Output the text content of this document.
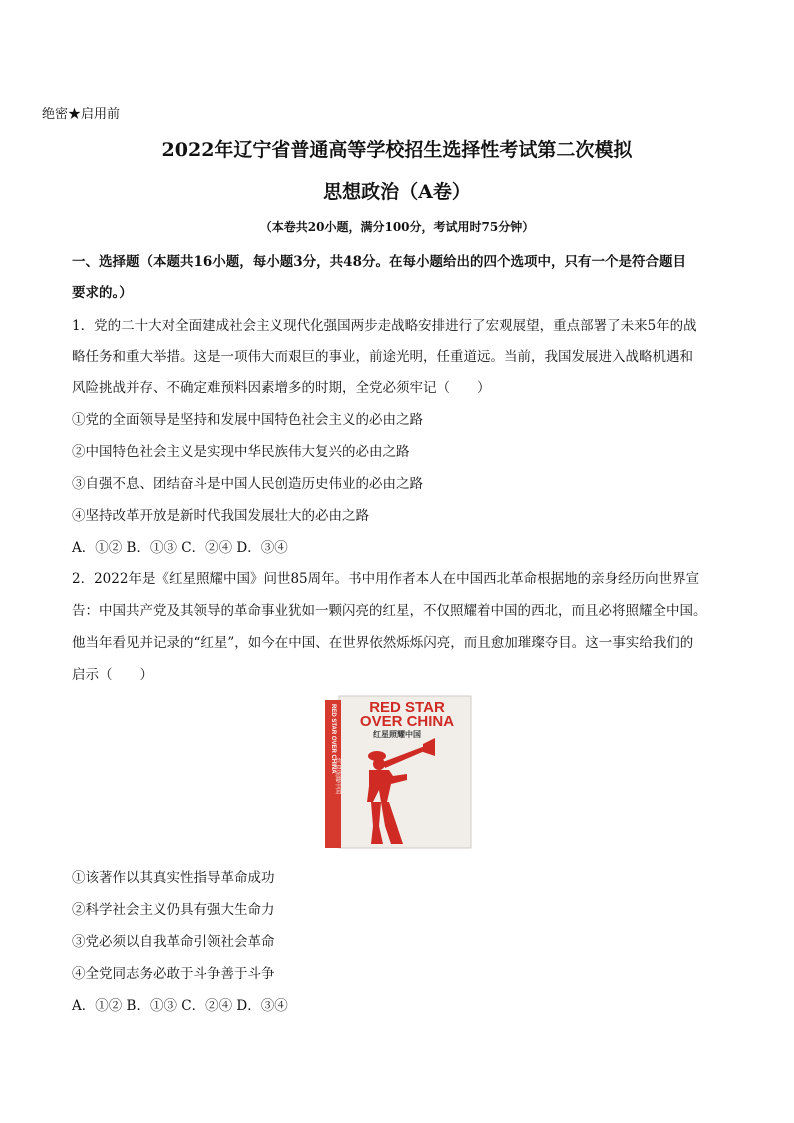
绝密★启用前
2022年辽宁省普通高等学校招生选择性考试第二次模拟
思想政治（A卷）
（本卷共20小题，满分100分，考试用时75分钟）
一、选择题（本题共16小题，每小题3分，共48分。在每小题给出的四个选项中，只有一个是符合题目
要求的。）
1．党的二十大对全面建成社会主义现代化强国两步走战略安排进行了宏观展望，重点部署了未来5年的战
略任务和重大举措。这是一项伟大而艰巨的事业，前途光明，任重道远。当前，我国发展进入战略机遇和
风险挑战并存、不确定难预料因素增多的时期，全党必须牢记（　　）
①党的全面领导是坚持和发展中国特色社会主义的必由之路
②中国特色社会主义是实现中华民族伟大复兴的必由之路
③自强不息、团结奋斗是中国人民创造历史伟业的必由之路
④坚持改革开放是新时代我国发展壮大的必由之路
A．①② B．①③ C．②④ D．③④
2．2022年是《红星照耀中国》问世85周年。书中用作者本人在中国西北革命根据地的亲身经历向世界宣
告：中国共产党及其领导的革命事业犹如一颗闪亮的红星，不仅照耀着中国的西北，而且必将照耀全中国。
他当年看见并记录的“红星”，如今在中国、在世界依然烁烁闪亮，而且愈加璀璨夺目。这一事实给我们的
启示（　　）
RED STAR OVER CHINA
红星照耀中国
RED STAR
OVER CHINA
红星照耀中国
①该著作以其真实性指导革命成功
②科学社会主义仍具有强大生命力
③党必须以自我革命引领社会革命
④全党同志务必敢于斗争善于斗争
A．①② B．①③ C．②④ D．③④
